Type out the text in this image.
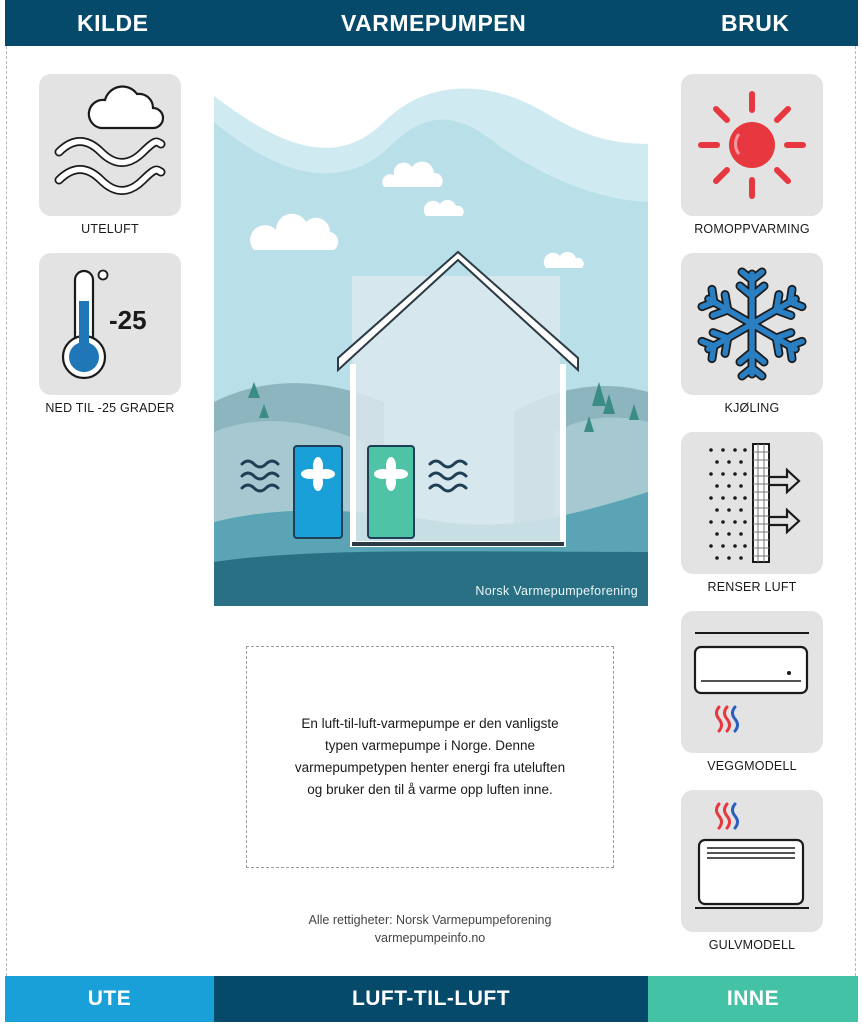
KILDE	VARMEPUMPEN	BRUK
UTELUFT
-25
NED TIL -25 GRADER
Norsk Varmepumpeforening

En luft-til-luft-varmepumpe er den vanligste typen varmepumpe i Norge. Denne varmepumpetypen henter energi fra uteluften og bruker den til å varme opp luften inne.

Alle rettigheter: Norsk Varmepumpeforening
varmepumpeinfo.no
ROMOPPVARMING
KJØLING
RENSER LUFT
VEGGMODELL
GULVMODELL
UTE	LUFT-TIL-LUFT	INNE
